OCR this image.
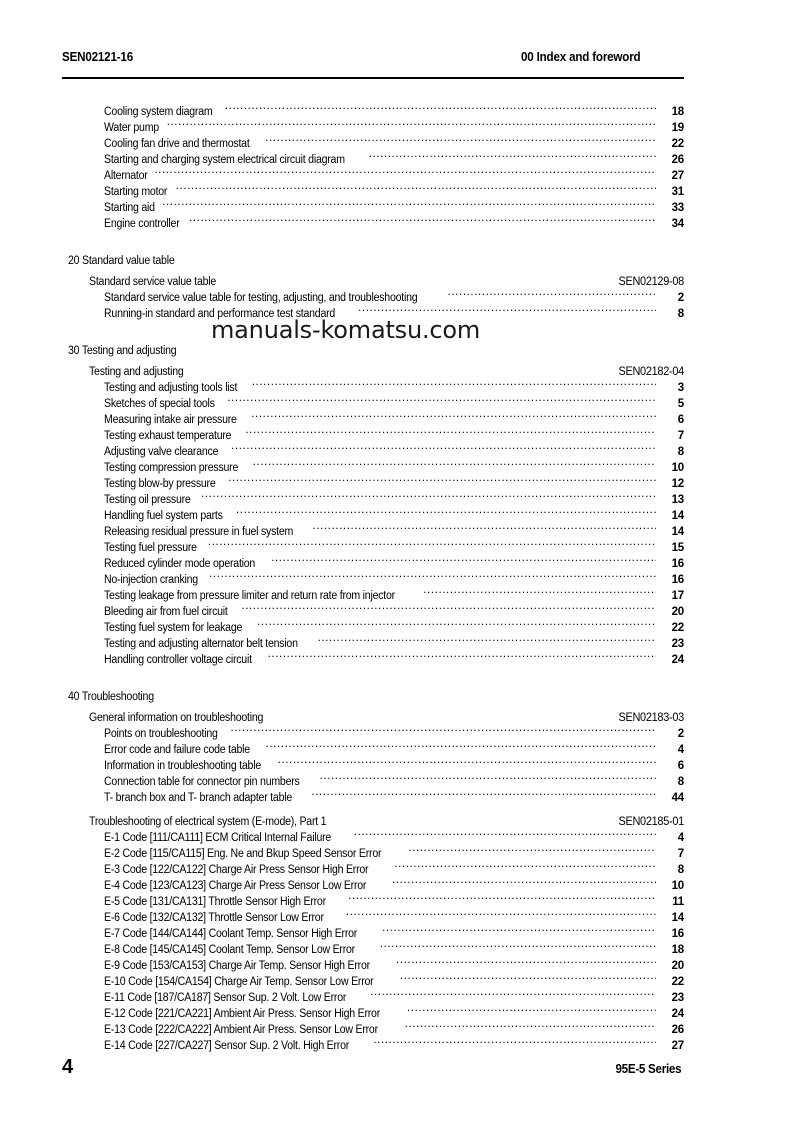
SEN02121-16	00 Index and foreword
Cooling system diagram .....	18
Water pump .....	19
Cooling fan drive and thermostat .....	22
Starting and charging system electrical circuit diagram .....	26
Alternator .....	27
Starting motor .....	31
Starting aid .....	33
Engine controller .....	34
20 Standard value table
Standard service value table	SEN02129-08
Standard service value table for testing, adjusting, and troubleshooting .....	2
Running-in standard and performance test standard .....	8
30 Testing and adjusting
Testing and adjusting	SEN02182-04
Testing and adjusting tools list .....	3
Sketches of special tools .....	5
Measuring intake air pressure .....	6
Testing exhaust temperature .....	7
Adjusting valve clearance .....	8
Testing compression pressure .....	10
Testing blow-by pressure .....	12
Testing oil pressure .....	13
Handling fuel system parts .....	14
Releasing residual pressure in fuel system .....	14
Testing fuel pressure .....	15
Reduced cylinder mode operation .....	16
No-injection cranking .....	16
Testing leakage from pressure limiter and return rate from injector .....	17
Bleeding air from fuel circuit .....	20
Testing fuel system for leakage .....	22
Testing and adjusting alternator belt tension .....	23
Handling controller voltage circuit .....	24
40 Troubleshooting
General information on troubleshooting	SEN02183-03
Points on troubleshooting .....	2
Error code and failure code table .....	4
Information in troubleshooting table .....	6
Connection table for connector pin numbers .....	8
T- branch box and T- branch adapter table .....	44
Troubleshooting of electrical system (E-mode), Part 1	SEN02185-01
E-1 Code [111/CA111] ECM Critical Internal Failure .....	4
E-2 Code [115/CA115] Eng. Ne and Bkup Speed Sensor Error .....	7
E-3 Code [122/CA122] Charge Air Press Sensor High Error .....	8
E-4 Code [123/CA123] Charge Air Press Sensor Low Error .....	10
E-5 Code [131/CA131] Throttle Sensor High Error .....	11
E-6 Code [132/CA132] Throttle Sensor Low Error .....	14
E-7 Code [144/CA144] Coolant Temp. Sensor High Error .....	16
E-8 Code [145/CA145] Coolant Temp. Sensor Low Error .....	18
E-9 Code [153/CA153] Charge Air Temp. Sensor High Error .....	20
E-10 Code [154/CA154] Charge Air Temp. Sensor Low Error .....	22
E-11 Code [187/CA187] Sensor Sup. 2 Volt. Low Error .....	23
E-12 Code [221/CA221] Ambient Air Press. Sensor High Error .....	24
E-13 Code [222/CA222] Ambient Air Press. Sensor Low Error .....	26
E-14 Code [227/CA227] Sensor Sup. 2 Volt. High Error .....	27
manuals-komatsu.com
4	95E-5 Series
